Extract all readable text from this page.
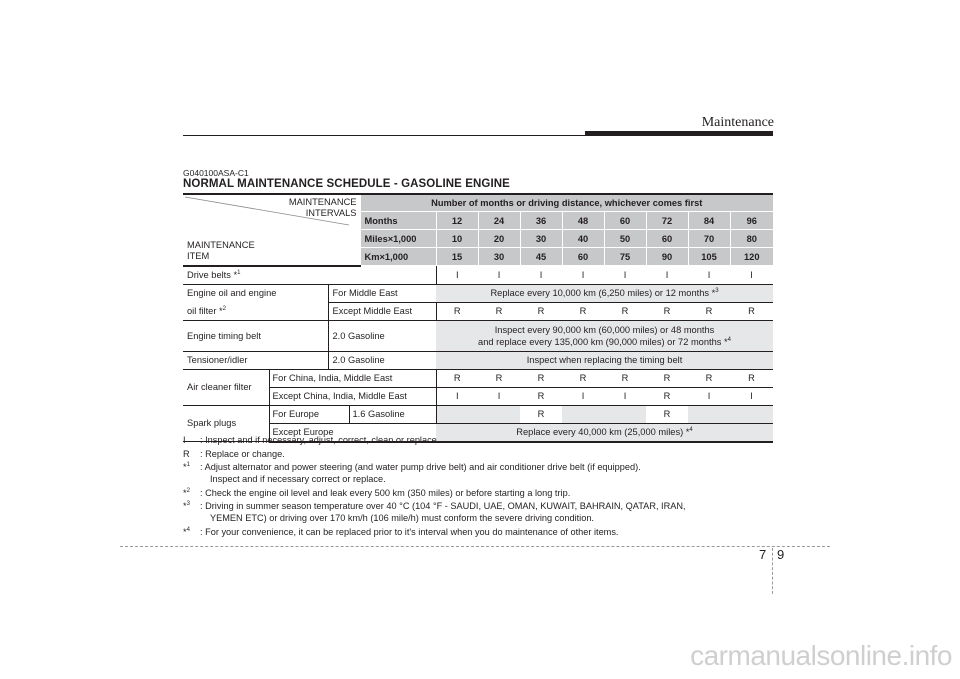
Maintenance
G040100ASA-C1
NORMAL MAINTENANCE SCHEDULE - GASOLINE ENGINE
MAINTENANCE
INTERVALS
MAINTENANCE
ITEM				Number of months or driving distance, whichever comes first								
				Months	12	24	36	48	60	72	84	96
				Miles×1,000	10	20	30	40	50	60	70	80
				Km×1,000	15	30	45	60	75	90	105	120
Drive belts *$^1$					I	I	I	I	I	I	I	I
Engine oil and engine		For Middle East			Replace every 10,000 km (6,250 miles) or 12 months *$^3$
oil filter *$^2$		Except Middle East			R	R	R	R	R	R	R	R
Engine timing belt		2.0 Gasoline			Inspect every 90,000 km (60,000 miles) or 48 months
and replace every 135,000 km (90,000 miles) or 72 months *$^4$

Tensioner/idler		2.0 Gasoline			Inspect when replacing the timing belt							
Air cleaner filter	For China, India, Middle East				R	R	R	R	R	R	R	R
	Except China, India, Middle East				I	I	R	I	I	R	I	I
Spark plugs	For Europe		1.6 Gasoline				R			R		
	Except Europe				Replace every 40,000 km (25,000 miles) *$^4$
I : Inspect and if necessary, adjust, correct, clean or replace.
R : Replace or change.
*$^1$ : Adjust alternator and power steering (and water pump drive belt) and air conditioner drive belt (if equipped).
Inspect and if necessary correct or replace.
*$^2$ : Check the engine oil level and leak every 500 km (350 miles) or before starting a long trip.
*$^3$ : Driving in summer season temperature over 40 °C (104 °F - SAUDI, UAE, OMAN, KUWAIT, BAHRAIN, QATAR, IRAN,
YEMEN ETC) or driving over 170 km/h (106 mile/h) must conform the severe driving condition.
*$^4$ : For your convenience, it can be replaced prior to it's interval when you do maintenance of other items.
7 9
carmanualsonline.info
